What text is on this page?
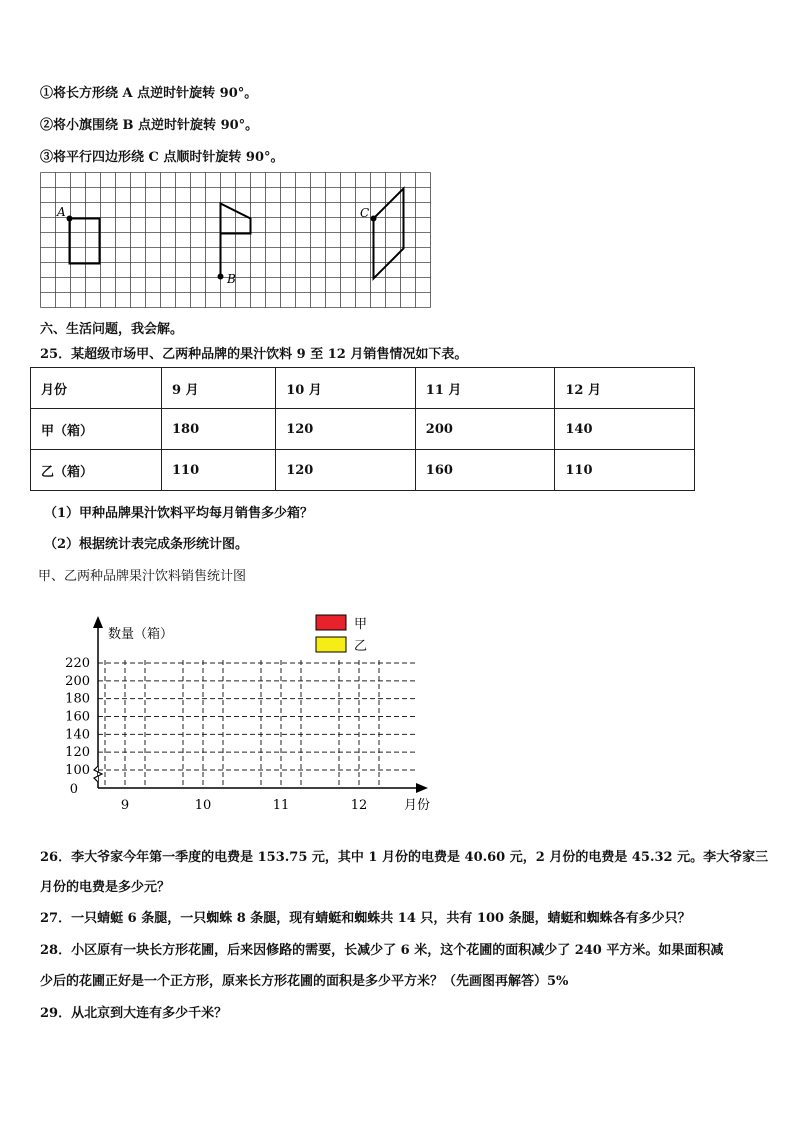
①将长方形绕 A 点逆时针旋转 90°。
②将小旗围绕 B 点逆时针旋转 90°。
③将平行四边形绕 C 点顺时针旋转 90°。
A
B
C
六、生活问题，我会解。
25．某超级市场甲、乙两种品牌的果汁饮料 9 至 12 月销售情况如下表。
月份	9 月	10 月	11 月	12 月
甲（箱）	180	120	200	140
乙（箱）	110	120	160	110
（1）甲种品牌果汁饮料平均每月销售多少箱？
（2）根据统计表完成条形统计图。
甲、乙两种品牌果汁饮料销售统计图
数量（箱）
月份
220
200
180
160
140
120
100
0
9	10	11	12
甲
乙
26．李大爷家今年第一季度的电费是 153.75 元，其中 1 月份的电费是 40.60 元，2 月份的电费是 45.32 元。李大爷家三
月份的电费是多少元？
27．一只蜻蜓 6 条腿，一只蜘蛛 8 条腿，现有蜻蜓和蜘蛛共 14 只，共有 100 条腿，蜻蜓和蜘蛛各有多少只？
28．小区原有一块长方形花圃，后来因修路的需要，长减少了 6 米，这个花圃的面积减少了 240 平方米。如果面积减
少后的花圃正好是一个正方形，原来长方形花圃的面积是多少平方米？（先画图再解答）5%
29．从北京到大连有多少千米？
